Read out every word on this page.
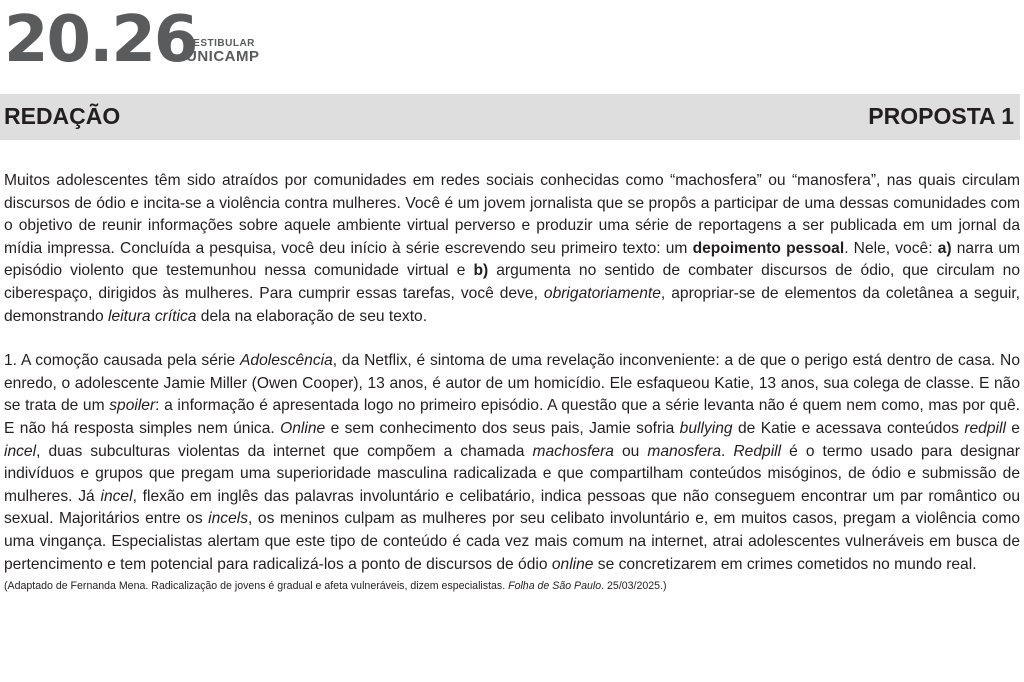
20.26
VESTIBULAR
UNICAMP
REDAÇÃO	PROPOSTA 1

Muitos adolescentes têm sido atraídos por comunidades em redes sociais conhecidas como “machosfera” ou “manosfera”, nas quais circulam discursos de ódio e incita-se a violência contra mulheres. Você é um jovem jornalista que se propôs a participar de uma dessas comunidades com o objetivo de reunir informações sobre aquele ambiente virtual perverso e produzir uma série de reportagens a ser publicada em um jornal da mídia impressa. Concluída a pesquisa, você deu início à série escrevendo seu primeiro texto: um depoimento pessoal. Nele, você: a) narra um episódio violento que testemunhou nessa comunidade virtual e b) argumenta no sentido de combater discursos de ódio, que circulam no ciberespaço, dirigidos às mulheres. Para cumprir essas tarefas, você deve, obrigatoriamente, apropriar-se de elementos da coletânea a seguir, demonstrando leitura crítica dela na elaboração de seu texto.

1. A comoção causada pela série Adolescência, da Netflix, é sintoma de uma revelação inconveniente: a de que o perigo está dentro de casa. No enredo, o adolescente Jamie Miller (Owen Cooper), 13 anos, é autor de um homicídio. Ele esfaqueou Katie, 13 anos, sua colega de classe. E não se trata de um spoiler: a informação é apresentada logo no primeiro episódio. A questão que a série levanta não é quem nem como, mas por quê. E não há resposta simples nem única. Online e sem conhecimento dos seus pais, Jamie sofria bullying de Katie e acessava conteúdos redpill e incel, duas subculturas violentas da internet que compõem a chamada machosfera ou manosfera. Redpill é o termo usado para designar indivíduos e grupos que pregam uma superioridade masculina radicalizada e que compartilham conteúdos misóginos, de ódio e submissão de mulheres. Já incel, flexão em inglês das palavras involuntário e celibatário, indica pessoas que não conseguem encontrar um par romântico ou sexual. Majoritários entre os incels, os meninos culpam as mulheres por seu celibato involuntário e, em muitos casos, pregam a violência como uma vingança. Especialistas alertam que este tipo de conteúdo é cada vez mais comum na internet, atrai adolescentes vulneráveis em busca de pertencimento e tem potencial para radicalizá-los a ponto de discursos de ódio online se concretizarem em crimes cometidos no mundo real.

(Adaptado de Fernanda Mena. Radicalização de jovens é gradual e afeta vulneráveis, dizem especialistas. Folha de São Paulo. 25/03/2025.)
